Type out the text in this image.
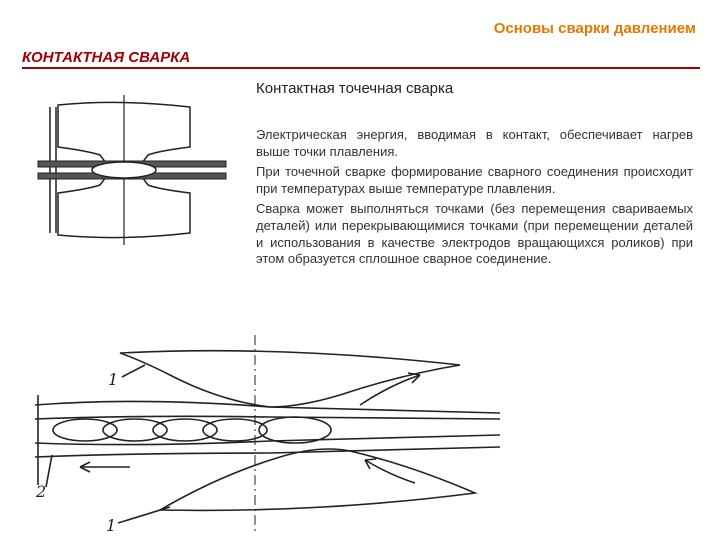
Основы сварки давлением
КОНТАКТНАЯ СВАРКА
Контактная точечная сварка

Электрическая энергия, вводимая в контакт, обеспечивает нагрев выше точки плавления.

При точечной сварке формирование сварного соединения происходит при температурах выше температуре плавления.

Сварка может выполняться точками (без перемещения свариваемых деталей) или перекрывающимися точками (при перемещении деталей и использования в качестве электродов вращающихся роликов) при этом образуется сплошное сварное соединение.

1
2
1
